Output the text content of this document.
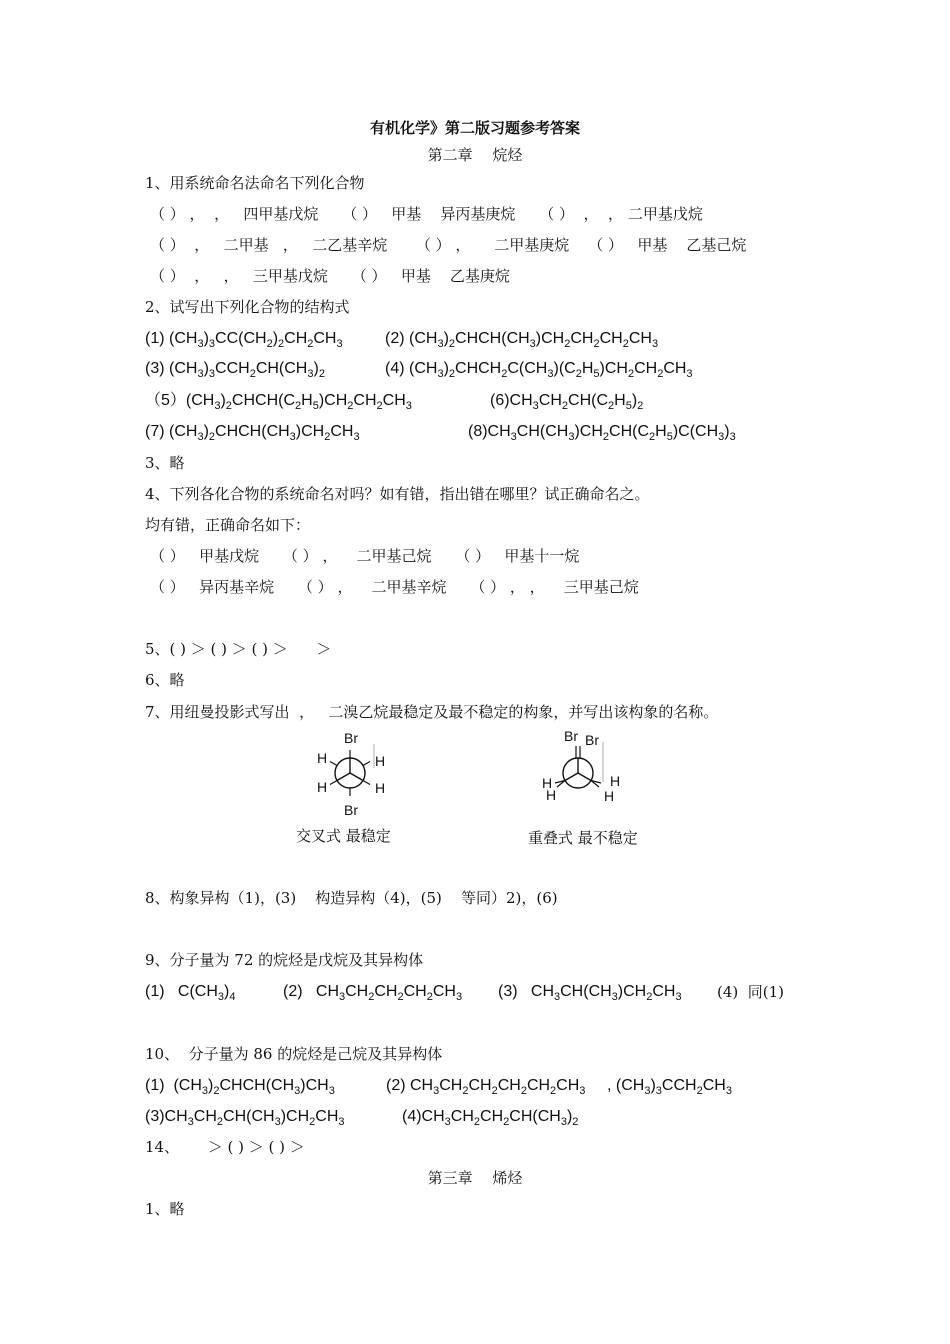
有机化学》第二版习题参考答案
第二章　 烷烃
1、用系统命名法命名下列化合物
（ ） ，  ，   四甲基戊烷     （ ）   甲基    异丙基庚烷     （ ）  ，  ， 二甲基戊烷
（ ）  ，   二甲基   ，   二乙基辛烷      （ ） ，     二甲基庚烷    （ ）   甲基    乙基己烷
（ ）  ，   ，   三甲基戊烷     （ ）   甲基    乙基庚烷
2、试写出下列化合物的结构式
(1) $(CH_3)_3CC(CH_2)_2CH_2CH_3$	(2) $(CH_3)_2CHCH(CH_3)CH_2CH_2CH_2CH_3$
(3) $(CH_3)_3CCH_2CH(CH_3)_2$	(4) $(CH_3)_2CHCH_2C(CH_3)(C_2H_5)CH_2CH_2CH_3$
$(5)(CH_3)_2CHCH(C_2H_5)CH_2CH_2CH_3$	$(6)CH_3CH_2CH(C_2H_5)_2$
(7) $(CH_3)_2CHCH(CH_3)CH_2CH_3$	$(8)CH_3CH(CH_3)CH_2CH(C_2H_5)C(CH_3)_3$
3、略
4、下列各化合物的系统命名对吗？如有错，指出错在哪里？试正确命名之。
均有错，正确命名如下：
（ ）   甲基戊烷     （ ） ，    二甲基己烷     （ ）   甲基十一烷
（ ）   异丙基辛烷     （ ） ，    二甲基辛烷     （ ） ， ，    三甲基己烷
5、( ) ＞ ( ) ＞ ( ) ＞      ＞
6、略
7、用纽曼投影式写出  ，   二溴乙烷最稳定及最不稳定的构象，并写出该构象的名称。
Br
H	H
H	H
Br
交叉式 最稳定
Br Br
H
H
H
H
重叠式 最不稳定
8、构象异构（1)，(3)    构造异构（4)，(5)    等同）2)，(6)
9、分子量为 72 的烷烃是戊烷及其异构体
(1)   $C(CH_3)_4$	(2)   $CH_3CH_2CH_2CH_2CH_3$ (3)   $CH_3CH(CH_3)CH_2CH_3$ (4)  同(1)
10、  分子量为 86 的烷烃是己烷及其异构体
(1)  $(CH_3)_2CHCH(CH_3)CH_3$	(2) $CH_3CH_2CH_2CH_2CH_2CH_3$ , $(CH_3)_3CCH_2CH_3$
$(3)CH_3CH_2CH(CH_3)CH_2CH_3$	$(4)CH_3CH_2CH_2CH(CH_3)_2$
14、      ＞ ( ) ＞ ( ) ＞
第三章　 烯烃
1、略
